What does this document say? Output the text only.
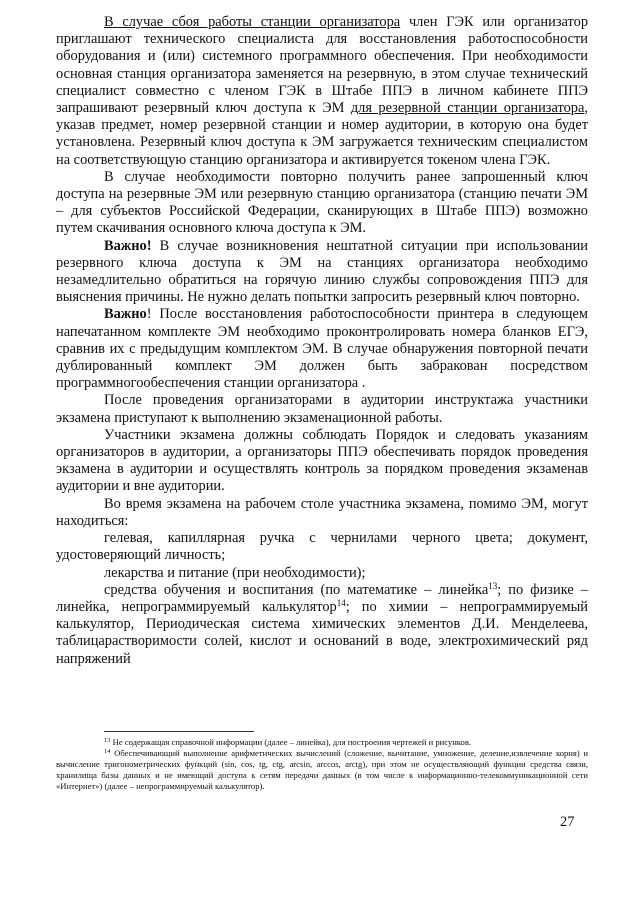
В случае сбоя работы станции организатора член ГЭК или организатор приглашают технического специалиста для восстановления работоспособности оборудования и (или) системного программного обеспечения. При необходимости основная станция организатора заменяется на резервную, в этом случае технический специалист совместно с членом ГЭК в Штабе ППЭ в личном кабинете ППЭ запрашивают резервный ключ доступа к ЭМ для резервной станции организатора, указав предмет, номер резервной станции и номер аудитории, в которую она будет установлена. Резервный ключ доступа к ЭМ загружается техническим специалистом на соответствующую станцию организатора и активируется токеном члена ГЭК.

В случае необходимости повторно получить ранее запрошенный ключ доступа на резервные ЭМ или резервную станцию организатора (станцию печати ЭМ – для субъектов Российской Федерации, сканирующих в Штабе ППЭ) возможно путем скачивания основного ключа доступа к ЭМ.

Важно! В случае возникновения нештатной ситуации при использовании резервного ключа доступа к ЭМ на станциях организатора необходимо незамедлительно обратиться на горячую линию службы сопровождения ППЭ для выяснения причины. Не нужно делать попытки запросить резервный ключ повторно.

Важно! После восстановления работоспособности принтера в следующем напечатанном комплекте ЭМ необходимо проконтролировать номера бланков ЕГЭ, сравнив их с предыдущим комплектом ЭМ. В случае обнаружения повторной печати дублированный комплект ЭМ должен быть забракован посредством программногообеспечения станции организатора .

После проведения организаторами в аудитории инструктажа участники экзамена приступают к выполнению экзаменационной работы.

Участники экзамена должны соблюдать Порядок и следовать указаниям организаторов в аудитории, а организаторы ППЭ обеспечивать порядок проведения экзамена в аудитории и осуществлять контроль за порядком проведения экзаменав аудитории и вне аудитории.

Во время экзамена на рабочем столе участника экзамена, помимо ЭМ, могут находиться:

гелевая, капиллярная ручка с чернилами черного цвета; документ, удостоверяющий личность;

лекарства и питание (при необходимости);

средства обучения и воспитания (по математике – линейка$^{13}$; по физике – линейка, непрограммируемый калькулятор$^{14}$; по химии – непрограммируемый калькулятор, Периодическая система химических элементов Д.И. Менделеева, таблицарастворимости солей, кислот и оснований в воде, электрохимический ряд напряжений

$^{13}$ Не содержащая справочной информации (далее – линейка), для построения чертежей и рисунков.

$^{14}$ Обеспечивающий выполнение арифметических вычислений (сложение, вычитание, умножение, деление,извлечение корня) и вычисление тригонометрических функций (sin, cos, tg, ctg, arcsin, arccos, arctg), при этом не осуществляющий функции средства связи, хранилища базы данных и не имеющий доступа к сетям передачи данных (в том числе к информационно-телекоммуникационной сети «Интернет») (далее – непрограммируемый калькулятор).

27
